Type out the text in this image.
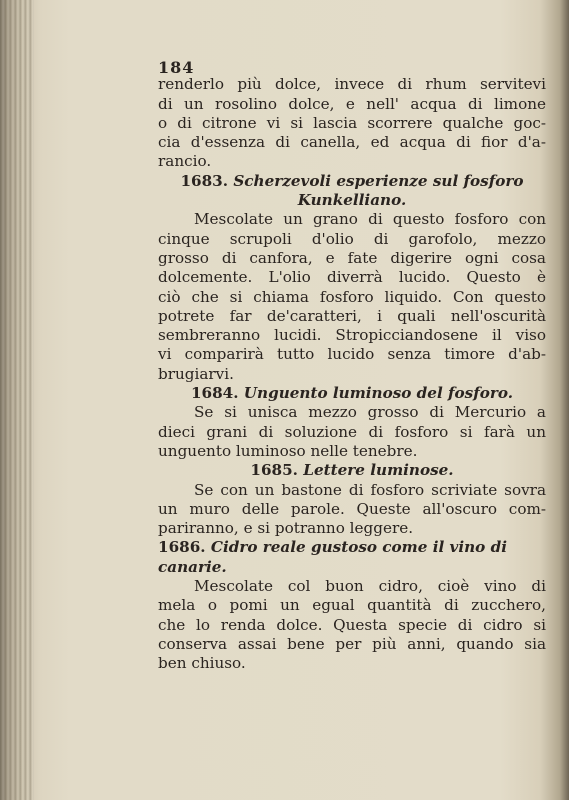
184
renderlo più dolce, invece di rhum servitevi
di un rosolino dolce, e nell' acqua di limone
o di citrone vi si lascia scorrere qualche goc-
cia d'essenza di canella, ed acqua di fior d'a-
rancio.
1683. Scherzevoli esperienze sul fosforo
Kunkelliano.
Mescolate un grano di questo fosforo con
cinque scrupoli d'olio di garofolo, mezzo
grosso di canfora, e fate digerire ogni cosa
dolcemente. L'olio diverrà lucido. Questo è
ciò che si chiama fosforo liquido. Con questo
potrete far de'caratteri, i quali nell'oscurità
sembreranno lucidi. Stropicciandosene il viso
vi comparirà tutto lucido senza timore d'ab-
brugiarvi.
1684. Unguento luminoso del fosforo.
Se si unisca mezzo grosso di Mercurio a
dieci grani di soluzione di fosforo si farà un
unguento luminoso nelle tenebre.
1685. Lettere luminose.
Se con un bastone di fosforo scriviate sovra
un muro delle parole. Queste all'oscuro com-
pariranno, e si potranno leggere.
1686. Cidro reale gustoso come il vino di canarie.
Mescolate col buon cidro, cioè vino di
mela o pomi un egual quantità di zucchero,
che lo renda dolce. Questa specie di cidro si
conserva assai bene per più anni, quando sia
ben chiuso.
